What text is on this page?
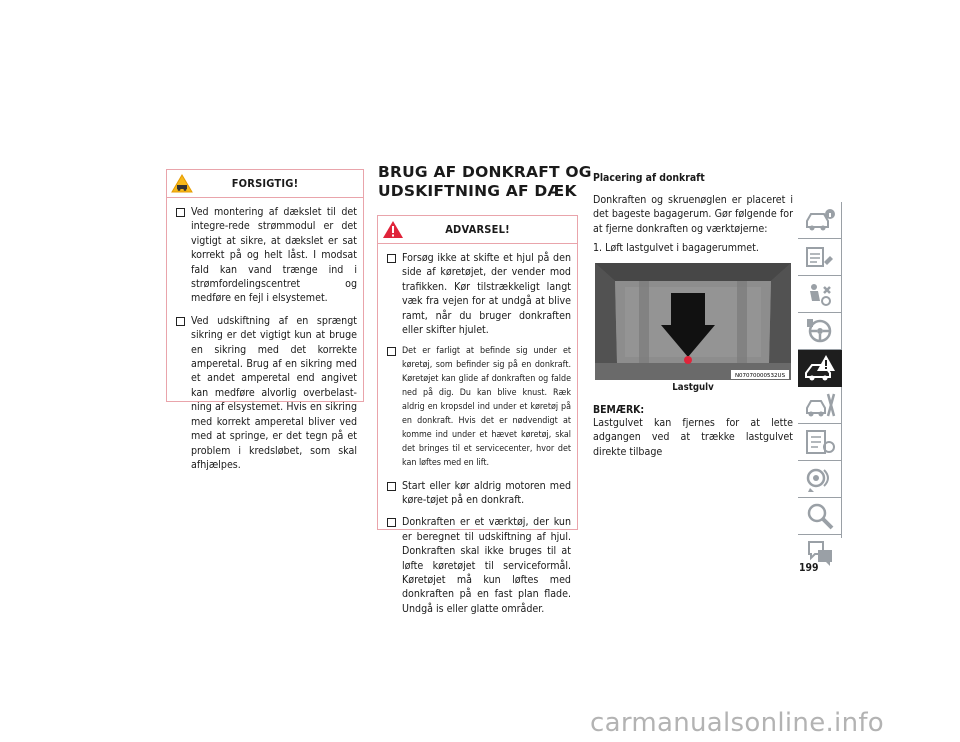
FORSIGTIG!
Ved montering af dækslet til det integre-rede strømmodul er det vigtigt at sikre, at dækslet er sat korrekt på og helt låst. I modsat fald kan vand trænge ind i strømfordelingscentret og medføre en fejl i elsystemet.
Ved udskiftning af en sprængt sikring er det vigtigt kun at bruge en sikring med det korrekte amperetal. Brug af en sikring med et andet amperetal end angivet kan medføre alvorlig overbelast-ning af elsystemet. Hvis en sikring med korrekt amperetal bliver ved med at springe, er det tegn på et problem i kredsløbet, som skal afhjælpes.
BRUG AF DONKRAFT OG UDSKIFTNING AF DÆK
ADVARSEL!
Forsøg ikke at skifte et hjul på den side af køretøjet, der vender mod trafikken. Kør tilstrækkeligt langt væk fra vejen for at undgå at blive ramt, når du bruger donkraften eller skifter hjulet.
Det er farligt at befinde sig under et køretøj, som befinder sig på en donkraft. Køretøjet kan glide af donkraften og falde ned på dig. Du kan blive knust. Ræk aldrig en kropsdel ind under et køretøj på en donkraft. Hvis det er nødvendigt at komme ind under et hævet køretøj, skal det bringes til et servicecenter, hvor det kan løftes med en lift.
Start eller kør aldrig motoren med køre-tøjet på en donkraft.
Donkraften er et værktøj, der kun er beregnet til udskiftning af hjul. Donkraften skal ikke bruges til at løfte køretøjet til serviceformål. Køretøjet må kun løftes med donkraften på en fast plan flade. Undgå is eller glatte områder.
Placering af donkraft
Donkraften og skruenøglen er placeret i det bageste bagagerum. Gør følgende for at fjerne donkraften og værktøjerne:
1. Løft lastgulvet i bagagerummet.
N07070000532US
Lastgulv
BEMÆRK:
Lastgulvet kan fjernes for at lette adgangen ved at trække lastgulvet direkte tilbage
199
carmanualsonline.info
